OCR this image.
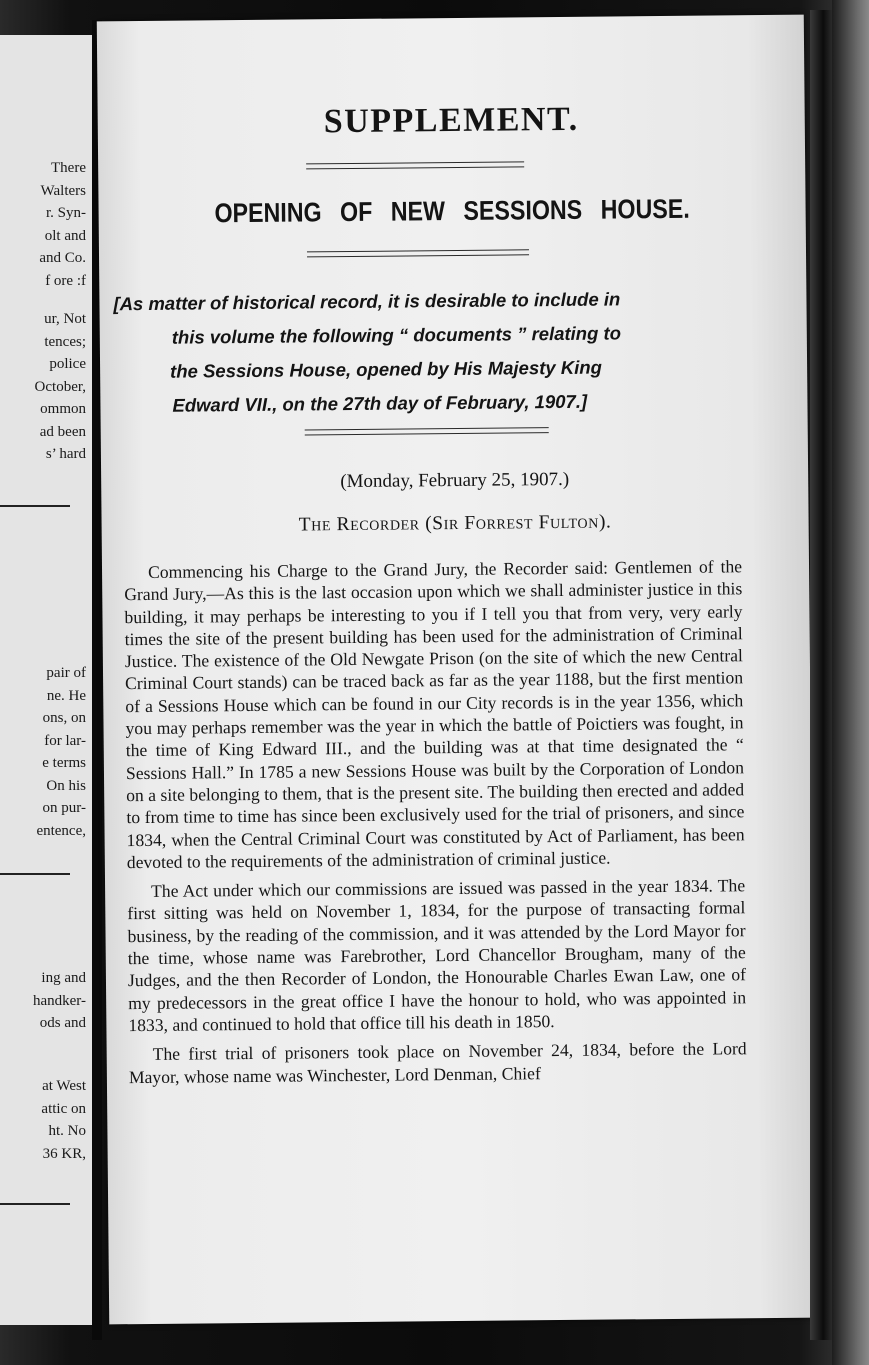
There
Walters
r. Syn-
olt and
and Co.
f ore :f
ur, Not
tences;
police
October,
ommon
ad been
s’ hard
pair of
ne. He
ons, on
for lar-
e terms
On his
on pur-
entence,
ing and
handker-
ods and
at West
attic on
ht. No
36 KR,
SUPPLEMENT.
OPENING OF NEW SESSIONS HOUSE.
[As matter of historical record, it is desirable to include in
this volume the following “ documents ” relating to
the Sessions House, opened by His Majesty King
Edward VII., on the 27th day of February, 1907.]
(Monday, February 25, 1907.)
The Recorder (Sir Forrest Fulton).

Commencing his Charge to the Grand Jury, the Recorder said: Gentlemen of the Grand Jury,—As this is the last occasion upon which we shall administer justice in this building, it may perhaps be interesting to you if I tell you that from very, very early times the site of the present building has been used for the administration of Criminal Justice. The existence of the Old Newgate Prison (on the site of which the new Central Criminal Court stands) can be traced back as far as the year 1188, but the first mention of a Sessions House which can be found in our City records is in the year 1356, which you may perhaps remember was the year in which the battle of Poictiers was fought, in the time of King Edward III., and the building was at that time designated the “ Sessions Hall.” In 1785 a new Sessions House was built by the Corporation of London on a site belonging to them, that is the present site. The building then erected and added to from time to time has since been exclusively used for the trial of prisoners, and since 1834, when the Central Criminal Court was constituted by Act of Parliament, has been devoted to the requirements of the administration of criminal justice.

The Act under which our commissions are issued was passed in the year 1834. The first sitting was held on November 1, 1834, for the purpose of transacting formal business, by the reading of the commission, and it was attended by the Lord Mayor for the time, whose name was Farebrother, Lord Chancellor Brougham, many of the Judges, and the then Recorder of London, the Honourable Charles Ewan Law, one of my predecessors in the great office I have the honour to hold, who was appointed in 1833, and continued to hold that office till his death in 1850.

The first trial of prisoners took place on November 24, 1834, before the Lord Mayor, whose name was Winchester, Lord Denman, Chief
